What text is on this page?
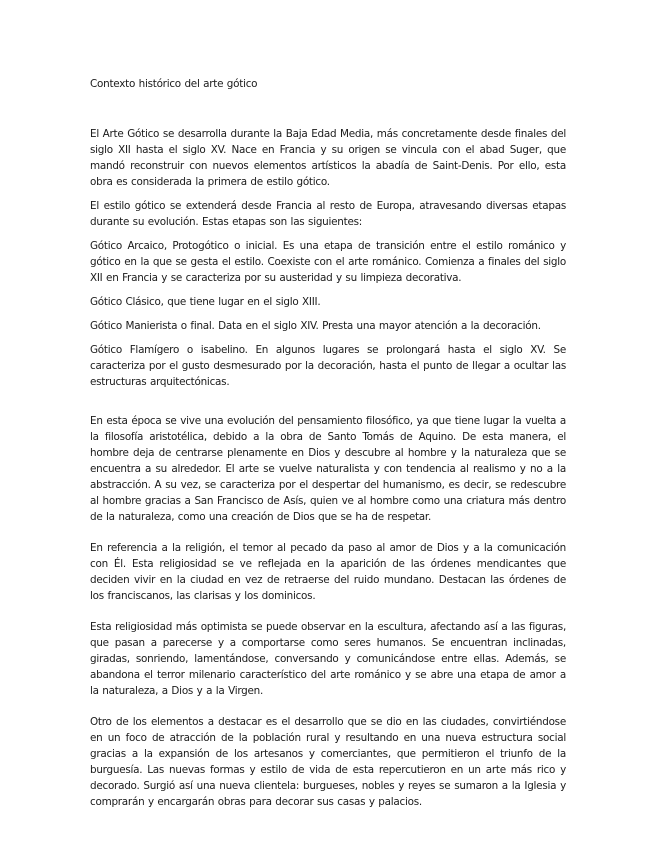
Contexto histórico del arte gótico

El Arte Gótico se desarrolla durante la Baja Edad Media, más concretamente desde finales del siglo XII hasta el siglo XV. Nace en Francia y su origen se vincula con el abad Suger, que mandó reconstruir con nuevos elementos artísticos la abadía de Saint-Denis. Por ello, esta obra es considerada la primera de estilo gótico.

El estilo gótico se extenderá desde Francia al resto de Europa, atravesando diversas etapas durante su evolución. Estas etapas son las siguientes:

Gótico Arcaico, Protogótico o inicial. Es una etapa de transición entre el estilo románico y gótico en la que se gesta el estilo. Coexiste con el arte románico. Comienza a finales del siglo XII en Francia y se caracteriza por su austeridad y su limpieza decorativa.

Gótico Clásico, que tiene lugar en el siglo XIII.

Gótico Manierista o final. Data en el siglo XIV. Presta una mayor atención a la decoración.

Gótico Flamígero o isabelino. En algunos lugares se prolongará hasta el siglo XV. Se caracteriza por el gusto desmesurado por la decoración, hasta el punto de llegar a ocultar las estructuras arquitectónicas.

En esta época se vive una evolución del pensamiento filosófico, ya que tiene lugar la vuelta a la filosofía aristotélica, debido a la obra de Santo Tomás de Aquino. De esta manera, el hombre deja de centrarse plenamente en Dios y descubre al hombre y la naturaleza que se encuentra a su alrededor. El arte se vuelve naturalista y con tendencia al realismo y no a la abstracción. A su vez, se caracteriza por el despertar del humanismo, es decir, se redescubre al hombre gracias a San Francisco de Asís, quien ve al hombre como una criatura más dentro de la naturaleza, como una creación de Dios que se ha de respetar.

En referencia a la religión, el temor al pecado da paso al amor de Dios y a la comunicación con Él. Esta religiosidad se ve reflejada en la aparición de las órdenes mendicantes que deciden vivir en la ciudad en vez de retraerse del ruido mundano. Destacan las órdenes de los franciscanos, las clarisas y los dominicos.

Esta religiosidad más optimista se puede observar en la escultura, afectando así a las figuras, que pasan a parecerse y a comportarse como seres humanos. Se encuentran inclinadas, giradas, sonriendo, lamentándose, conversando y comunicándose entre ellas. Además, se abandona el terror milenario característico del arte románico y se abre una etapa de amor a la naturaleza, a Dios y a la Virgen.

Otro de los elementos a destacar es el desarrollo que se dio en las ciudades, convirtiéndose en un foco de atracción de la población rural y resultando en una nueva estructura social gracias a la expansión de los artesanos y comerciantes, que permitieron el triunfo de la burguesía. Las nuevas formas y estilo de vida de esta repercutieron en un arte más rico y decorado. Surgió así una nueva clientela: burgueses, nobles y reyes se sumaron a la Iglesia y comprarán y encargarán obras para decorar sus casas y palacios.
